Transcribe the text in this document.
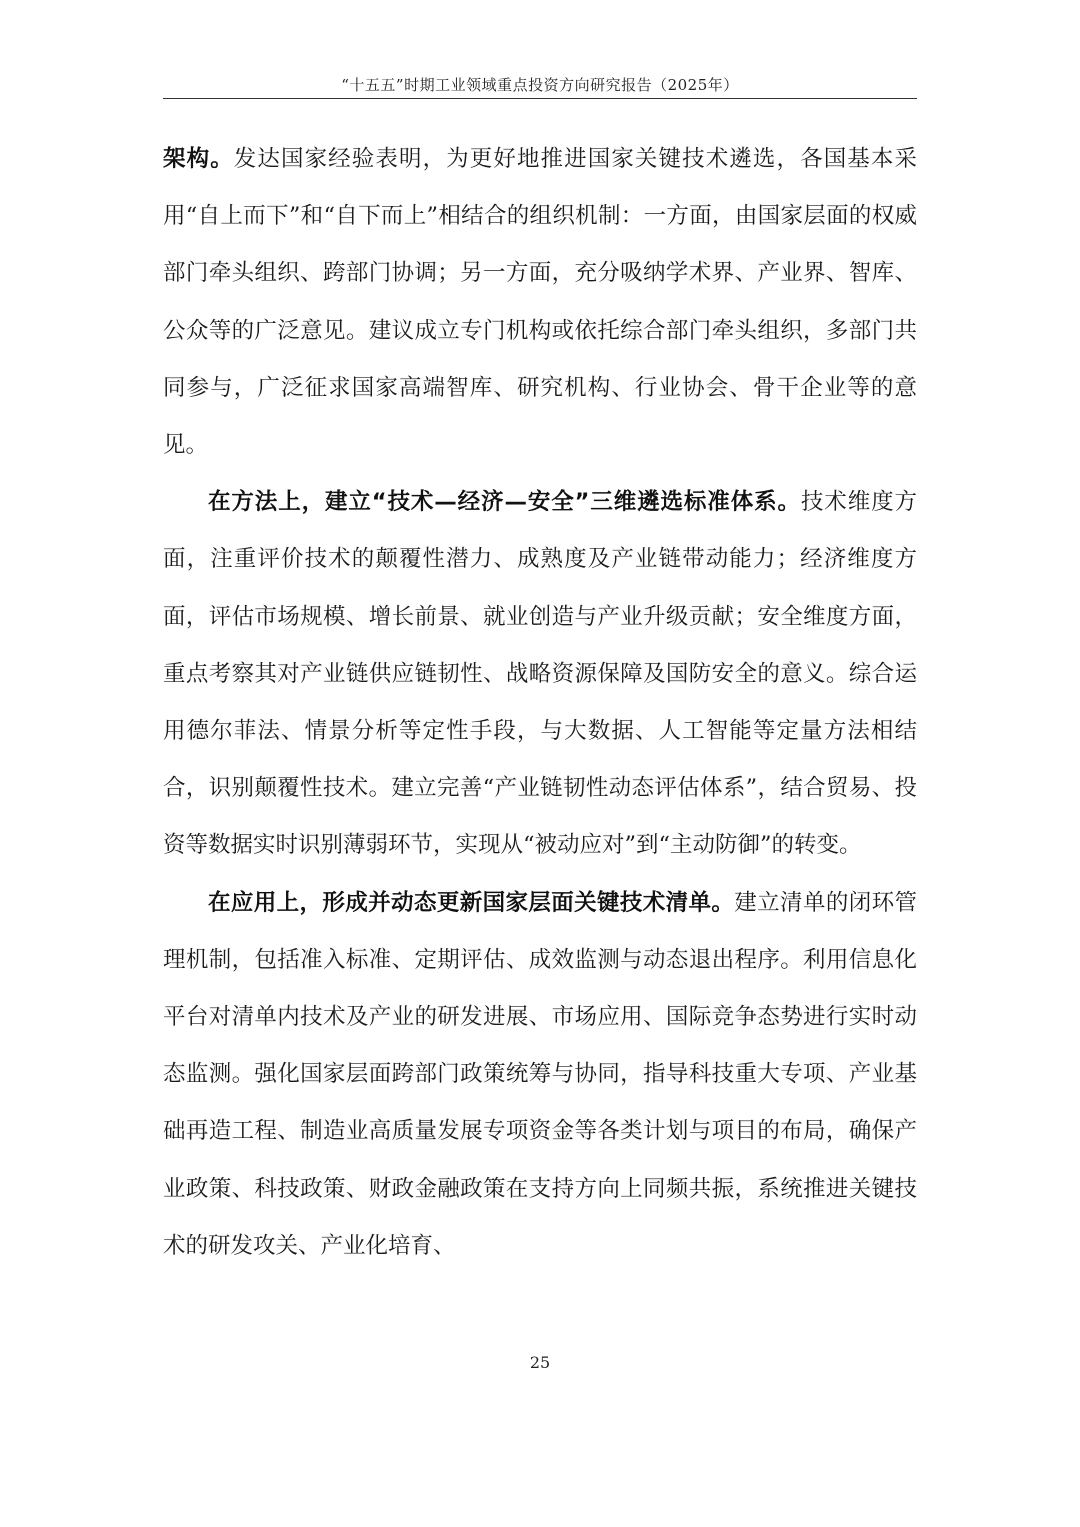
“十五五”时期工业领域重点投资方向研究报告（2025年）

架构。发达国家经验表明，为更好地推进国家关键技术遴选，各国基本采用“自上而下”和“自下而上”相结合的组织机制：一方面，由国家层面的权威部门牵头组织、跨部门协调；另一方面，充分吸纳学术界、产业界、智库、公众等的广泛意见。建议成立专门机构或依托综合部门牵头组织，多部门共同参与，广泛征求国家高端智库、研究机构、行业协会、骨干企业等的意见。

在方法上，建立“技术—经济—安全”三维遴选标准体系。技术维度方面，注重评价技术的颠覆性潜力、成熟度及产业链带动能力；经济维度方面，评估市场规模、增长前景、就业创造与产业升级贡献；安全维度方面，重点考察其对产业链供应链韧性、战略资源保障及国防安全的意义。综合运用德尔菲法、情景分析等定性手段，与大数据、人工智能等定量方法相结合，识别颠覆性技术。建立完善“产业链韧性动态评估体系”，结合贸易、投资等数据实时识别薄弱环节，实现从“被动应对”到“主动防御”的转变。

在应用上，形成并动态更新国家层面关键技术清单。建立清单的闭环管理机制，包括准入标准、定期评估、成效监测与动态退出程序。利用信息化平台对清单内技术及产业的研发进展、市场应用、国际竞争态势进行实时动态监测。强化国家层面跨部门政策统筹与协同，指导科技重大专项、产业基础再造工程、制造业高质量发展专项资金等各类计划与项目的布局，确保产业政策、科技政策、财政金融政策在支持方向上同频共振，系统推进关键技术的研发攻关、产业化培育、

25
